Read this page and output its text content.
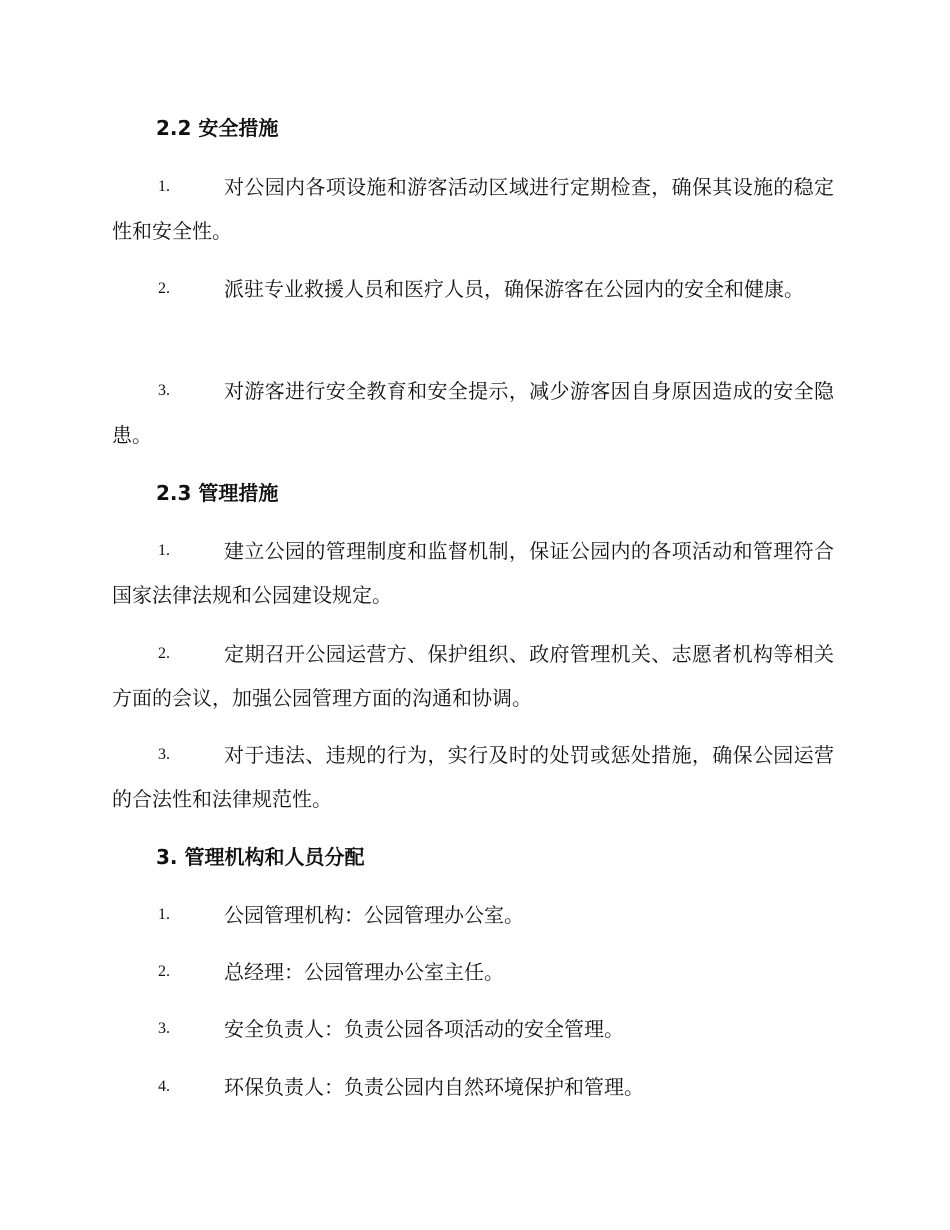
2.2 安全措施
1.	对公园内各项设施和游客活动区域进行定期检查，确保其设施的稳定性和安全性。

2.	派驻专业救援人员和医疗人员，确保游客在公园内的安全和健康。

3.	对游客进行安全教育和安全提示，减少游客因自身原因造成的安全隐患。

2.3 管理措施
1.	建立公园的管理制度和监督机制，保证公园内的各项活动和管理符合国家法律法规和公园建设规定。

2.	定期召开公园运营方、保护组织、政府管理机关、志愿者机构等相关方面的会议，加强公园管理方面的沟通和协调。

3.	对于违法、违规的行为，实行及时的处罚或惩处措施，确保公园运营的合法性和法律规范性。

3. 管理机构和人员分配
1.	公园管理机构：公园管理办公室。

2.	总经理：公园管理办公室主任。

3.	安全负责人：负责公园各项活动的安全管理。

4.	环保负责人：负责公园内自然环境保护和管理。
